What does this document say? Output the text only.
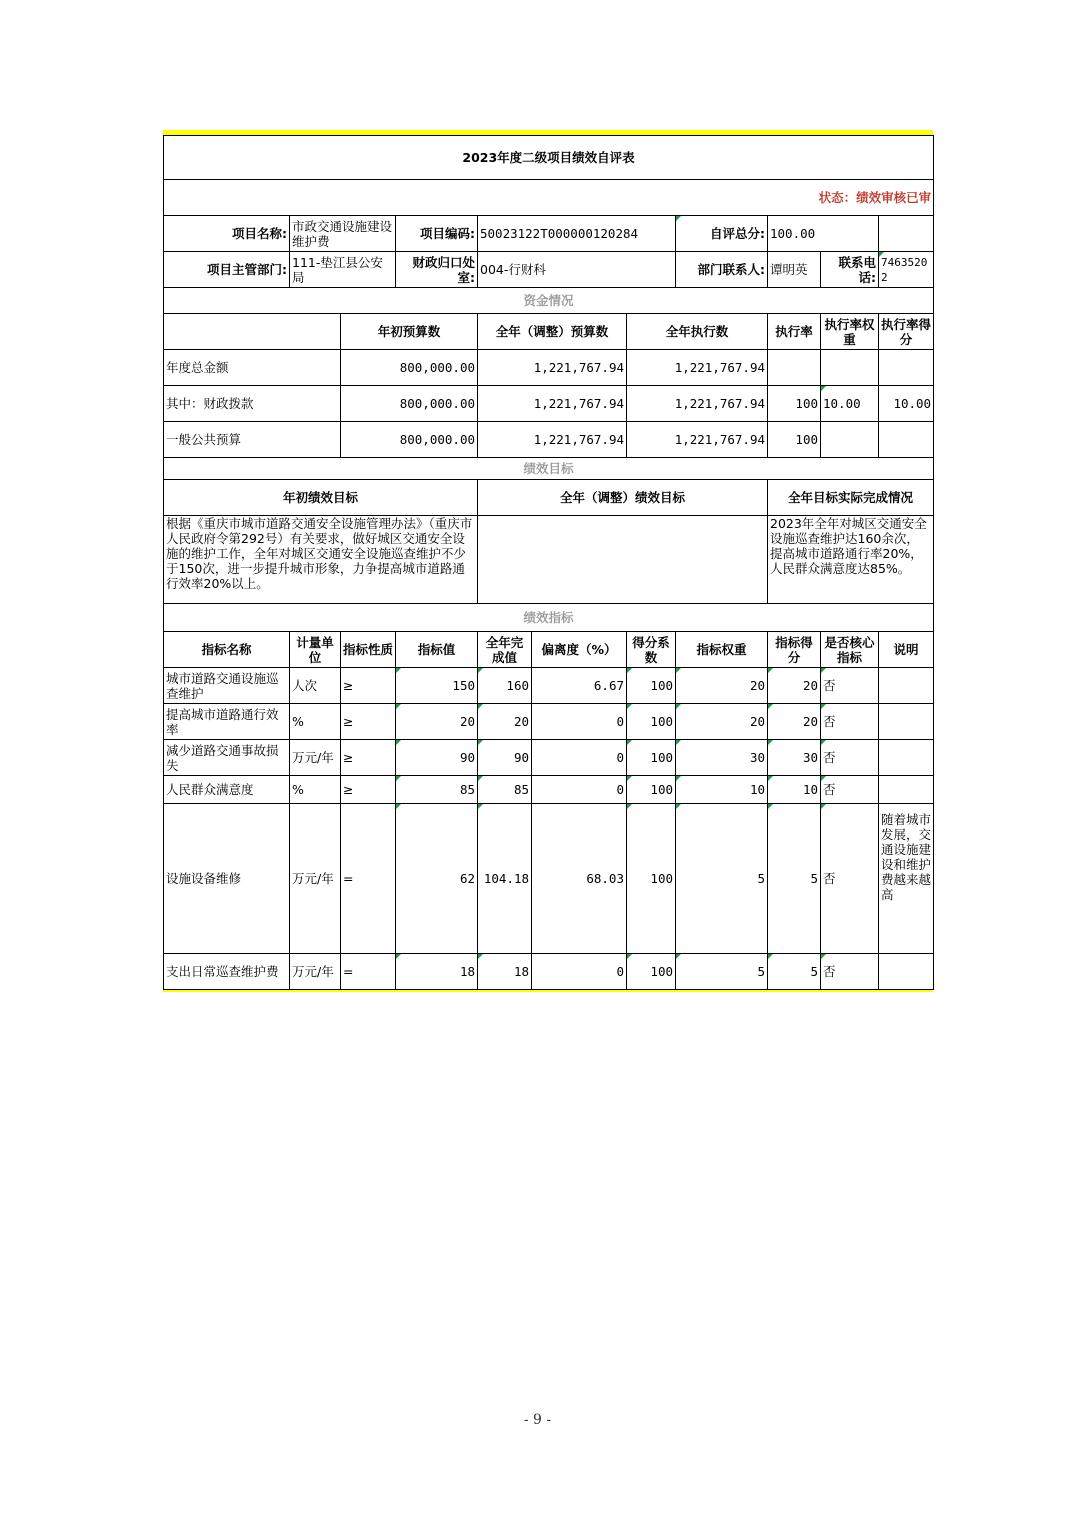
2023年度二级项目绩效自评表										
状态：绩效审核已审										
项目名称:	市政交通设施建设维护费		项目编码:	50023122T000000120284			自评总分:	100.00		
项目主管部门:	111-垫江县公安局		财政归口处室:	004-行财科			部门联系人:	谭明英	联系电话:	74635202
资金情况										
		年初预算数		全年（调整）预算数		全年执行数		执行率	执行率权重	执行率得分
年度总金额		800,000.00		1,221,767.94		1,221,767.94				
其中：财政拨款		800,000.00		1,221,767.94		1,221,767.94		100	10.00	10.00
一般公共预算		800,000.00		1,221,767.94		1,221,767.94		100		
绩效目标										
年初绩效目标				全年（调整）绩效目标				全年目标实际完成情况		
根据《重庆市城市道路交通安全设施管理办法》（重庆市人民政府令第292号）有关要求，做好城区交通安全设施的维护工作，全年对城区交通安全设施巡查维护不少于150次，进一步提升城市形象，力争提高城市道路通行效率20%以上。								2023年全年对城区交通安全设施巡查维护达160余次，提高城市道路通行率20%，人民群众满意度达85%。		
绩效指标										
指标名称	计量单位	指标性质	指标值	全年完成值	偏离度（%）	得分系数	指标权重	指标得分	是否核心指标	说明
城市道路交通设施巡查维护	人次	≥	150	160	6.67	100	20	20	否	
提高城市道路通行效率	%	≥	20	20	0	100	20	20	否	
减少道路交通事故损失	万元/年	≥	90	90	0	100	30	30	否	
人民群众满意度	%	≥	85	85	0	100	10	10	否	
设施设备维修	万元/年	=	62	104.18	68.03	100	5	5	否	随着城市发展，交通设施建设和维护费越来越高
支出日常巡查维护费	万元/年	=	18	18	0	100	5	5	否	
- 9 -
